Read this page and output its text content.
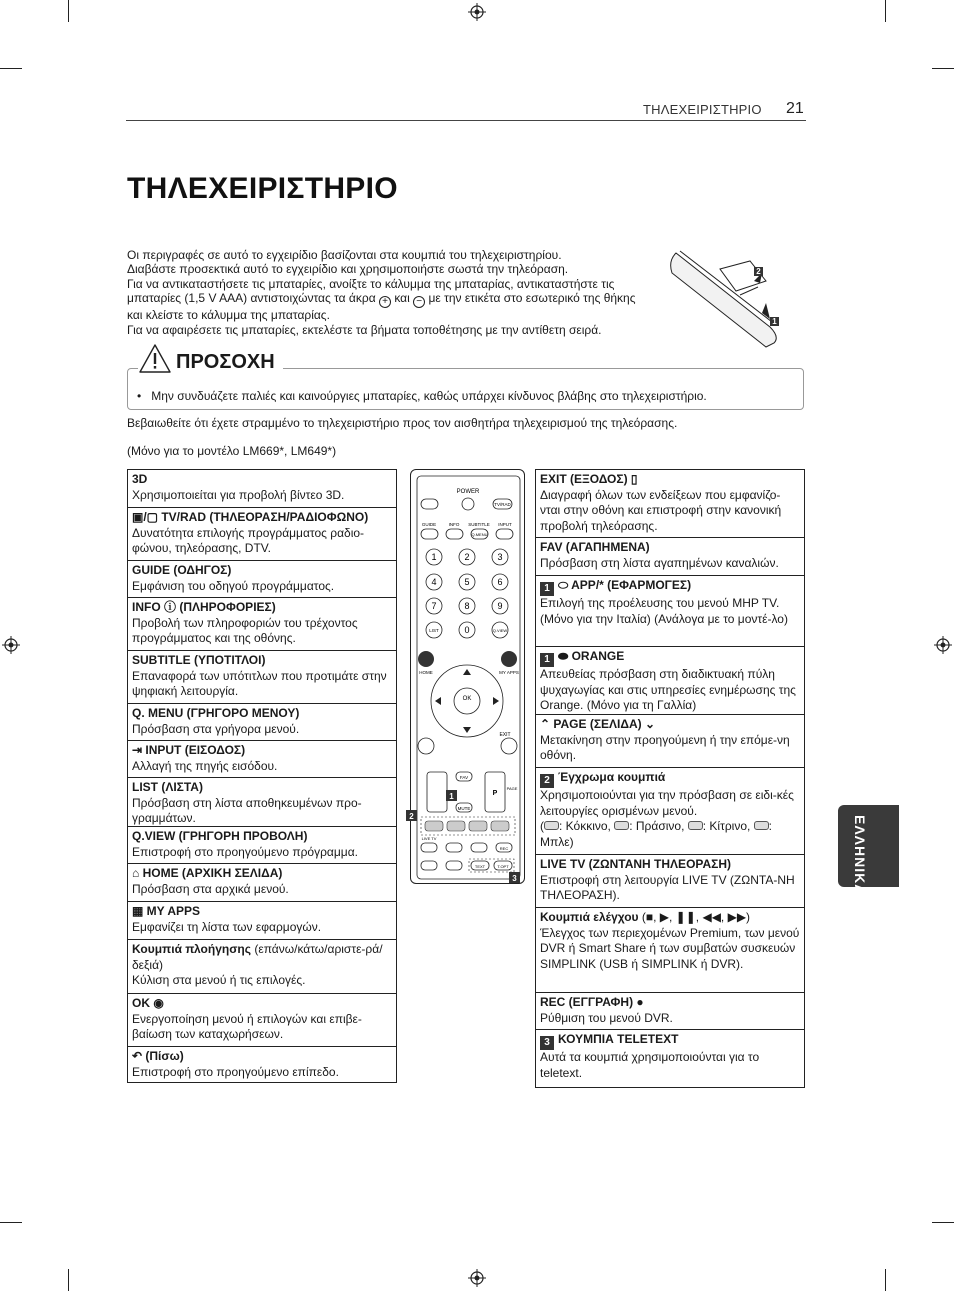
ΤΗΛΕΧΕΙΡΙΣΤΗΡΙΟ 21
ΤΗΛΕΧΕΙΡΙΣΤΗΡΙΟ
Οι περιγραφές σε αυτό το εγχειρίδιο βασίζονται στα κουμπιά του τηλεχειριστηρίου.
Διαβάστε προσεκτικά αυτό το εγχειρίδιο και χρησιμοποιήστε σωστά την τηλεόραση.
Για να αντικαταστήσετε τις μπαταρίες, ανοίξτε το κάλυμμα της μπαταρίας, αντικαταστήστε τις
μπαταρίες (1,5 V AAA) αντιστοιχώντας τα άκρα + και − με την ετικέτα στο εσωτερικό της θήκης
και κλείστε το κάλυμμα της μπαταρίας.
Για να αφαιρέσετε τις μπαταρίες, εκτελέστε τα βήματα τοποθέτησης με την αντίθετη σειρά.
2
1
ΠΡΟΣΟΧΗ
•   Μην συνδυάζετε παλιές και καινούργιες μπαταρίες, καθώς υπάρχει κίνδυνος βλάβης στο τηλεχειριστήριο.
Βεβαιωθείτε ότι έχετε στραμμένο το τηλεχειριστήριο προς τον αισθητήρα τηλεχειρισμού της τηλεόρασης.
(Μόνο για το μοντέλο LM669*, LM649*)
3D
Χρησιμοποιείται για προβολή βίντεο 3D.
▣/▢ TV/RAD (ΤΗΛΕΟΡΑΣΗ/ΡΑΔΙΟΦΩΝΟ)
Δυνατότητα επιλογής προγράμματος ραδιο-φώνου, τηλεόρασης, DTV.
GUIDE (ΟΔΗΓΟΣ)
Εμφάνιση του οδηγού προγράμματος.
INFO ⓘ (ΠΛΗΡΟΦΟΡΙΕΣ)
Προβολή των πληροφοριών του τρέχοντος προγράμματος και της οθόνης.
SUBTITLE (ΥΠΟΤΙΤΛΟΙ)
Επαναφορά των υπότιτλων που προτιμάτε στην ψηφιακή λειτουργία.
Q. MENU (ΓΡΗΓΟΡΟ ΜΕΝΟΥ)
Πρόσβαση στα γρήγορα μενού.
⇥ INPUT (ΕΙΣΟΔΟΣ)
Αλλαγή της πηγής εισόδου.
LIST (ΛΙΣΤΑ)
Πρόσβαση στη λίστα αποθηκευμένων προ-γραμμάτων.
Q.VIEW (ΓΡΗΓΟΡΗ ΠΡΟΒΟΛΗ)
Επιστροφή στο προηγούμενο πρόγραμμα.
⌂ HOME (ΑΡΧΙΚΗ ΣΕΛΙΔΑ)
Πρόσβαση στα αρχικά μενού.
▦ MY APPS
Εμφανίζει τη λίστα των εφαρμογών.
Κουμπιά πλοήγησης (επάνω/κάτω/αριστε-ρά/δεξιά)
Κύλιση στα μενού ή τις επιλογές.
OK ◉
Ενεργοποίηση μενού ή επιλογών και επιβε-βαίωση των καταχωρήσεων.
↶ (Πίσω)
Επιστροφή στο προηγούμενο επίπεδο.
POWER
TV/RAD
GUIDE	INFO SUBTITLE INPUT
Q.MENU
1	2	3
4	5	6
7	8	9
LIST	0	Q.VIEW
HOME	MY APPS
OK
EXIT
FAV
MUTE
P
PAGE
LIVE TV
REC
TEXT	T.OPT
1
2
3
EXIT (ΕΞΟΔΟΣ) ▯
Διαγραφή όλων των ενδείξεων που εμφανίζο-νται στην οθόνη και επιστροφή στην κανονική προβολή τηλεόρασης.
FAV (ΑΓΑΠΗΜΕΝΑ)
Πρόσβαση στη λίστα αγαπημένων καναλιών.
1 ⬭ APP/* (ΕΦΑΡΜΟΓΕΣ)
Επιλογή της προέλευσης του μενού MHP TV. (Μόνο για την Ιταλία) (Ανάλογα με το μοντέ-λο)
1 ⬬ ORANGE
Απευθείας πρόσβαση στη διαδικτυακή πύλη ψυχαγωγίας και στις υπηρεσίες ενημέρωσης της Orange. (Μόνο για τη Γαλλία)
⌃ PAGE (ΣΕΛΙΔΑ) ⌄
Μετακίνηση στην προηγούμενη ή την επόμε-νη οθόνη.
2 Έγχρωμα κουμπιά
Χρησιμοποιούνται για την πρόσβαση σε ειδι-κές λειτουργίες ορισμένων μενού.
( : Κόκκινο, : Πράσινο, : Κίτρινο, : Μπλε)
LIVE TV (ΖΩΝΤΑΝΗ ΤΗΛΕΟΡΑΣΗ)
Επιστροφή στη λειτουργία LIVE TV (ΖΩΝΤΑ-ΝΗ ΤΗΛΕΟΡΑΣΗ).
Κουμπιά ελέγχου (■, ▶, ❚❚, ◀◀, ▶▶)
Έλεγχος των περιεχομένων Premium, των μενού DVR ή Smart Share ή των συμβατών συσκευών SIMPLINK (USB ή SIMPLINK ή DVR).
REC (ΕΓΓΡΑΦΗ) ●
Ρύθμιση του μενού DVR.
3 ΚΟΥΜΠΙΑ TELETEXT
Αυτά τα κουμπιά χρησιμοποιούνται για το teletext.
ΕΛΛΗΝΙΚΑ
